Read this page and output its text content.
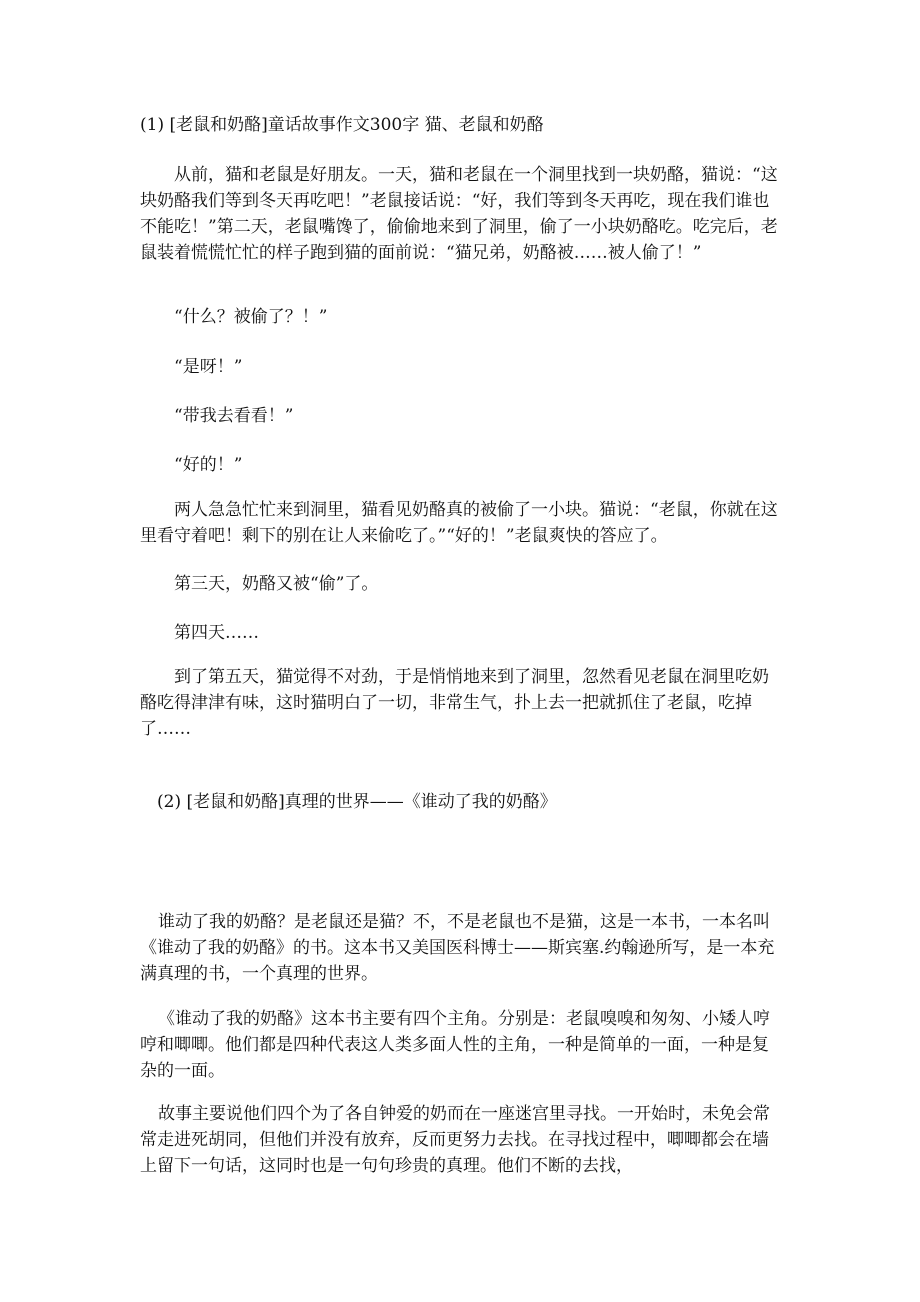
(1) [老鼠和奶酪]童话故事作文300字 猫、老鼠和奶酪

从前，猫和老鼠是好朋友。一天，猫和老鼠在一个洞里找到一块奶酪，猫说：“这块奶酪我们等到冬天再吃吧！”老鼠接话说：“好，我们等到冬天再吃，现在我们谁也不能吃！”第二天，老鼠嘴馋了，偷偷地来到了洞里，偷了一小块奶酪吃。吃完后，老鼠装着慌慌忙忙的样子跑到猫的面前说：“猫兄弟，奶酪被……被人偷了！”

“什么？被偷了？！”

“是呀！”

“带我去看看！”

“好的！”

两人急急忙忙来到洞里，猫看见奶酪真的被偷了一小块。猫说：“老鼠，你就在这里看守着吧！剩下的别在让人来偷吃了。”“好的！”老鼠爽快的答应了。

第三天，奶酪又被“偷”了。

第四天……

到了第五天，猫觉得不对劲，于是悄悄地来到了洞里，忽然看见老鼠在洞里吃奶酪吃得津津有味，这时猫明白了一切，非常生气，扑上去一把就抓住了老鼠，吃掉了……

(2) [老鼠和奶酪]真理的世界——《谁动了我的奶酪》

谁动了我的奶酪？是老鼠还是猫？不，不是老鼠也不是猫，这是一本书，一本名叫《谁动了我的奶酪》的书。这本书又美国医科博士——斯宾塞.约翰逊所写，是一本充满真理的书，一个真理的世界。

《谁动了我的奶酪》这本书主要有四个主角。分别是：老鼠嗅嗅和匆匆、小矮人哼哼和唧唧。他们都是四种代表这人类多面人性的主角，一种是简单的一面，一种是复杂的一面。

故事主要说他们四个为了各自钟爱的奶而在一座迷宫里寻找。一开始时，未免会常常走进死胡同，但他们并没有放弃，反而更努力去找。在寻找过程中，唧唧都会在墙上留下一句话，这同时也是一句句珍贵的真理。他们不断的去找，
